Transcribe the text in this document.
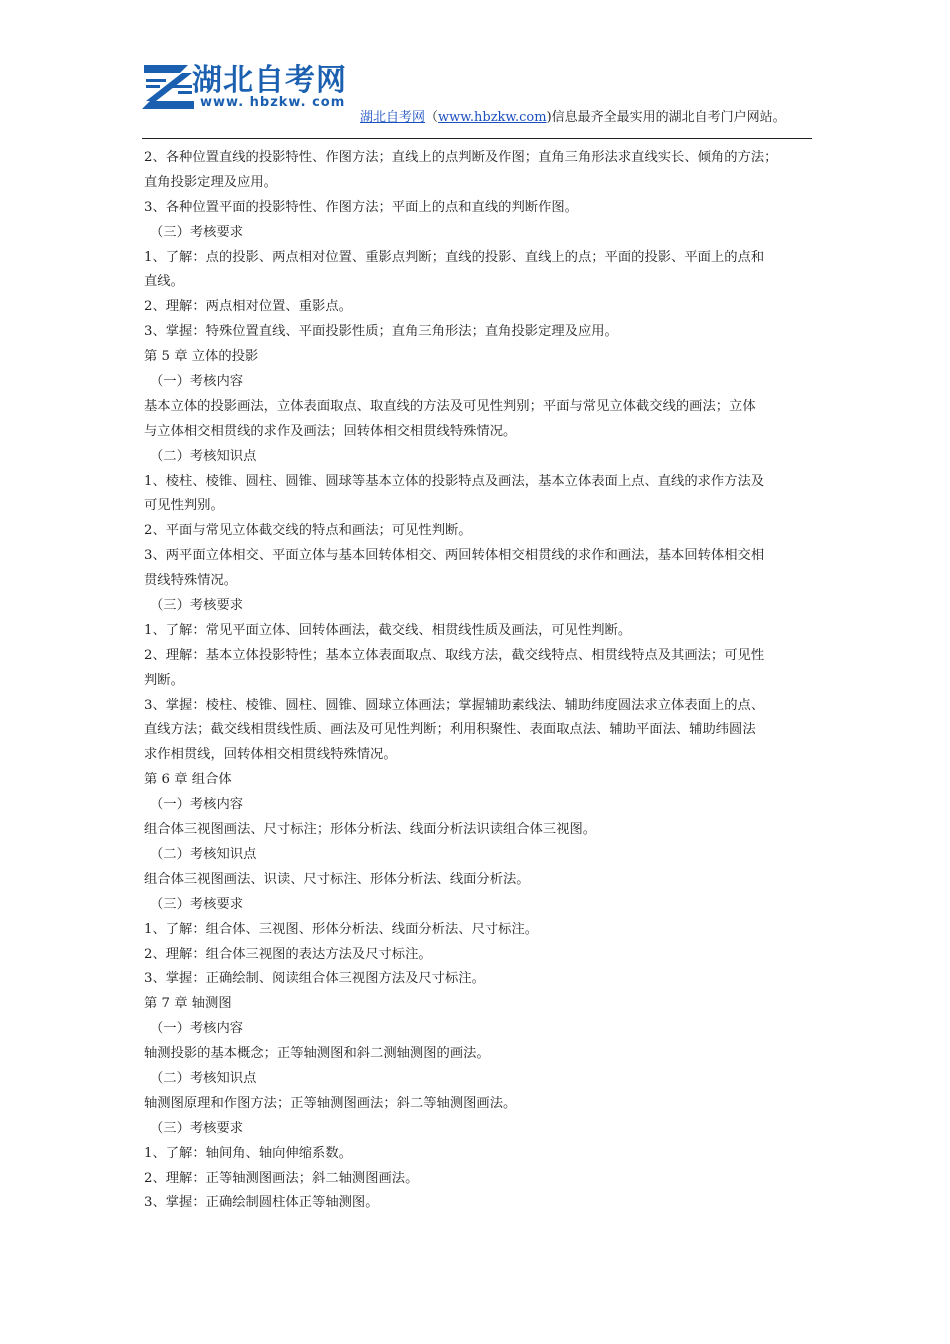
湖北自考网
www. hbzkw. com
湖北自考网（www.hbzkw.com)信息最齐全最实用的湖北自考门户网站。
2、各种位置直线的投影特性、作图方法；直线上的点判断及作图；直角三角形法求直线实长、倾角的方法；
直角投影定理及应用。
3、各种位置平面的投影特性、作图方法；平面上的点和直线的判断作图。
（三）考核要求
1、了解：点的投影、两点相对位置、重影点判断；直线的投影、直线上的点；平面的投影、平面上的点和
直线。
2、理解：两点相对位置、重影点。
3、掌握：特殊位置直线、平面投影性质；直角三角形法；直角投影定理及应用。
第 5 章 立体的投影
（一）考核内容
基本立体的投影画法，立体表面取点、取直线的方法及可见性判别；平面与常见立体截交线的画法；立体
与立体相交相贯线的求作及画法；回转体相交相贯线特殊情况。
（二）考核知识点
1、棱柱、棱锥、圆柱、圆锥、圆球等基本立体的投影特点及画法，基本立体表面上点、直线的求作方法及
可见性判别。
2、平面与常见立体截交线的特点和画法；可见性判断。
3、两平面立体相交、平面立体与基本回转体相交、两回转体相交相贯线的求作和画法，基本回转体相交相
贯线特殊情况。
（三）考核要求
1、了解：常见平面立体、回转体画法，截交线、相贯线性质及画法，可见性判断。
2、理解：基本立体投影特性；基本立体表面取点、取线方法，截交线特点、相贯线特点及其画法；可见性
判断。
3、掌握：棱柱、棱锥、圆柱、圆锥、圆球立体画法；掌握辅助素线法、辅助纬度圆法求立体表面上的点、
直线方法；截交线相贯线性质、画法及可见性判断；利用积聚性、表面取点法、辅助平面法、辅助纬圆法
求作相贯线，回转体相交相贯线特殊情况。
第 6 章 组合体
（一）考核内容
组合体三视图画法、尺寸标注；形体分析法、线面分析法识读组合体三视图。
（二）考核知识点
组合体三视图画法、识读、尺寸标注、形体分析法、线面分析法。
（三）考核要求
1、了解：组合体、三视图、形体分析法、线面分析法、尺寸标注。
2、理解：组合体三视图的表达方法及尺寸标注。
3、掌握：正确绘制、阅读组合体三视图方法及尺寸标注。
第 7 章 轴测图
（一）考核内容
轴测投影的基本概念；正等轴测图和斜二测轴测图的画法。
（二）考核知识点
轴测图原理和作图方法；正等轴测图画法；斜二等轴测图画法。
（三）考核要求
1、了解：轴间角、轴向伸缩系数。
2、理解：正等轴测图画法；斜二轴测图画法。
3、掌握：正确绘制圆柱体正等轴测图。
